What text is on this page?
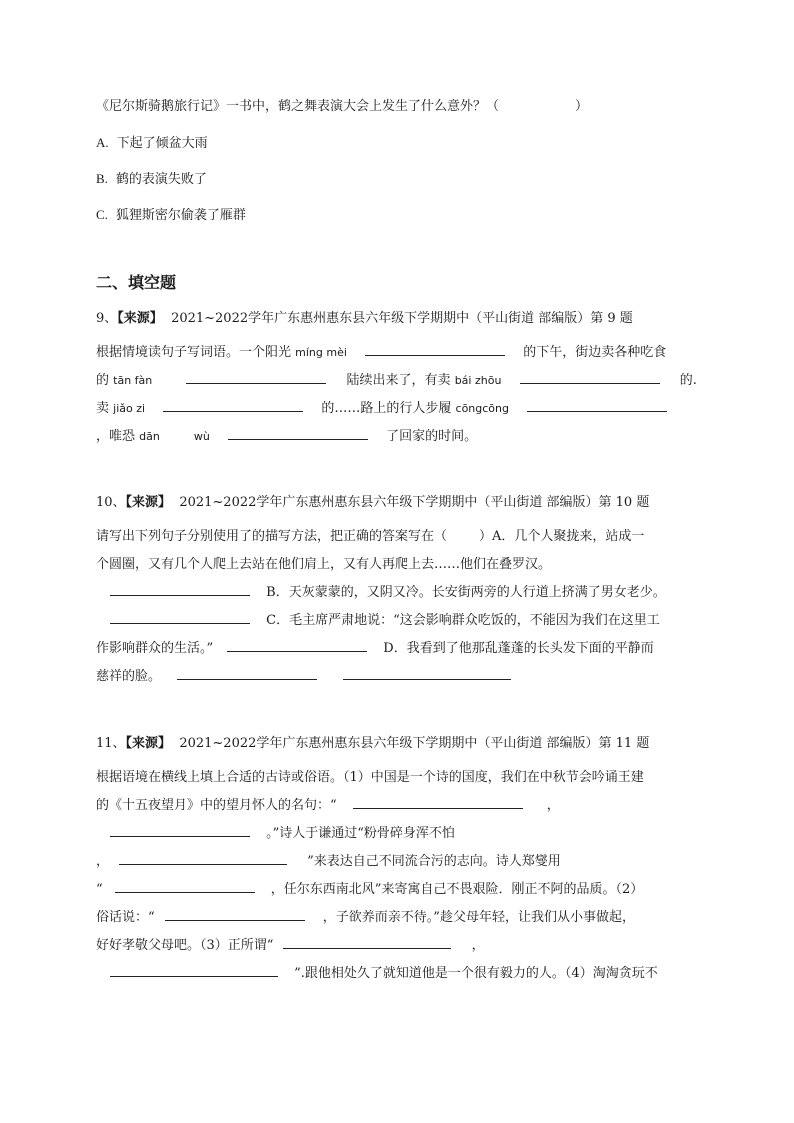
《尼尔斯骑鹅旅行记》一书中，鹤之舞表演大会上发生了什么意外？（	）
A. 下起了倾盆大雨
B. 鹤的表演失败了
C. 狐狸斯密尔偷袭了雁群
二、填空题
9、【来源】 2021~2022学年广东惠州惠东县六年级下学期期中（平山街道 部编版）第 9 题
根据情境读句子写词语。一个阳光 míng mèi	的下午，街边卖各种吃食
的 tān fàn	陆续出来了，有卖 bái zhōu	的.
卖 jiǎo zi	的……路上的行人步履 cōngcōng
，唯恐 dān	wù	了回家的时间。
10、【来源】 2021~2022学年广东惠州惠东县六年级下学期期中（平山街道 部编版）第 10 题
请写出下列句子分别使用了的描写方法，把正确的答案写在（ ）A．几个人聚拢来，站成一
个圆圈，又有几个人爬上去站在他们肩上，又有人再爬上去……他们在叠罗汉。
B．天灰蒙蒙的，又阴又冷。长安街两旁的人行道上挤满了男女老少。
C．毛主席严肃地说：“这会影响群众吃饭的，不能因为我们在这里工
作影响群众的生活。”	D．我看到了他那乱蓬蓬的长头发下面的平静而
慈祥的脸。
11、【来源】 2021~2022学年广东惠州惠东县六年级下学期期中（平山街道 部编版）第 11 题
根据语境在横线上填上合适的古诗或俗语。（1）中国是一个诗的国度，我们在中秋节会吟诵王建
的《十五夜望月》中的望月怀人的名句：“	，
。”诗人于谦通过“粉骨碎身浑不怕
，	”来表达自己不同流合污的志向。诗人郑燮用
“	，任尔东西南北风”来寄寓自己不畏艰险．刚正不阿的品质。（2）
俗话说：“	，子欲养而亲不待。”趁父母年轻，让我们从小事做起，
好好孝敬父母吧。（3）正所谓“	，
”.跟他相处久了就知道他是一个很有毅力的人。（4）淘淘贪玩不
